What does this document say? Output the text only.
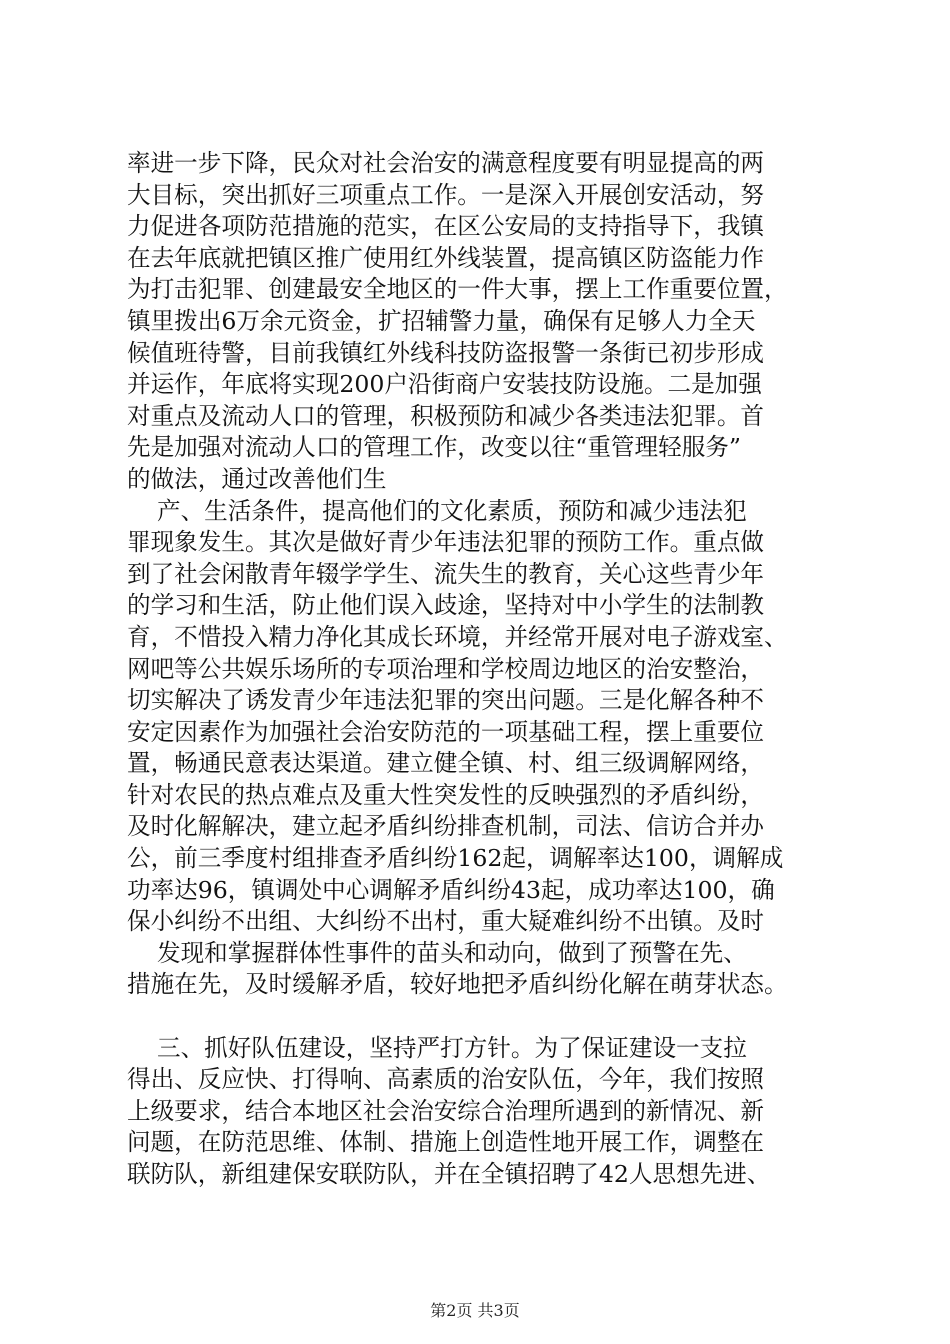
率进一步下降，民众对社会治安的满意程度要有明显提高的两
大目标，突出抓好三项重点工作。一是深入开展创安活动，努
力促进各项防范措施的范实，在区公安局的支持指导下，我镇
在去年底就把镇区推广使用红外线装置，提高镇区防盗能力作
为打击犯罪、创建最安全地区的一件大事，摆上工作重要位置，
镇里拨出6万余元资金，扩招辅警力量，确保有足够人力全天
候值班待警，目前我镇红外线科技防盗报警一条街已初步形成
并运作，年底将实现200户沿街商户安装技防设施。二是加强
对重点及流动人口的管理，积极预防和减少各类违法犯罪。首
先是加强对流动人口的管理工作，改变以往“重管理轻服务”
的做法，通过改善他们生

产、生活条件，提高他们的文化素质，预防和减少违法犯
罪现象发生。其次是做好青少年违法犯罪的预防工作。重点做
到了社会闲散青年辍学学生、流失生的教育，关心这些青少年
的学习和生活，防止他们误入歧途，坚持对中小学生的法制教
育，不惜投入精力净化其成长环境，并经常开展对电子游戏室、
网吧等公共娱乐场所的专项治理和学校周边地区的治安整治，
切实解决了诱发青少年违法犯罪的突出问题。三是化解各种不
安定因素作为加强社会治安防范的一项基础工程，摆上重要位
置，畅通民意表达渠道。建立健全镇、村、组三级调解网络，
针对农民的热点难点及重大性突发性的反映强烈的矛盾纠纷，
及时化解解决，建立起矛盾纠纷排查机制，司法、信访合并办
公，前三季度村组排查矛盾纠纷162起，调解率达100，调解成
功率达96，镇调处中心调解矛盾纠纷43起，成功率达100，确
保小纠纷不出组、大纠纷不出村，重大疑难纠纷不出镇。及时

发现和掌握群体性事件的苗头和动向，做到了预警在先、
措施在先，及时缓解矛盾，较好地把矛盾纠纷化解在萌芽状态。

三、抓好队伍建设，坚持严打方针。为了保证建设一支拉
得出、反应快、打得响、高素质的治安队伍，今年，我们按照
上级要求，结合本地区社会治安综合治理所遇到的新情况、新
问题，在防范思维、体制、措施上创造性地开展工作，调整在
联防队，新组建保安联防队，并在全镇招聘了42人思想先进、

第2页 共3页
